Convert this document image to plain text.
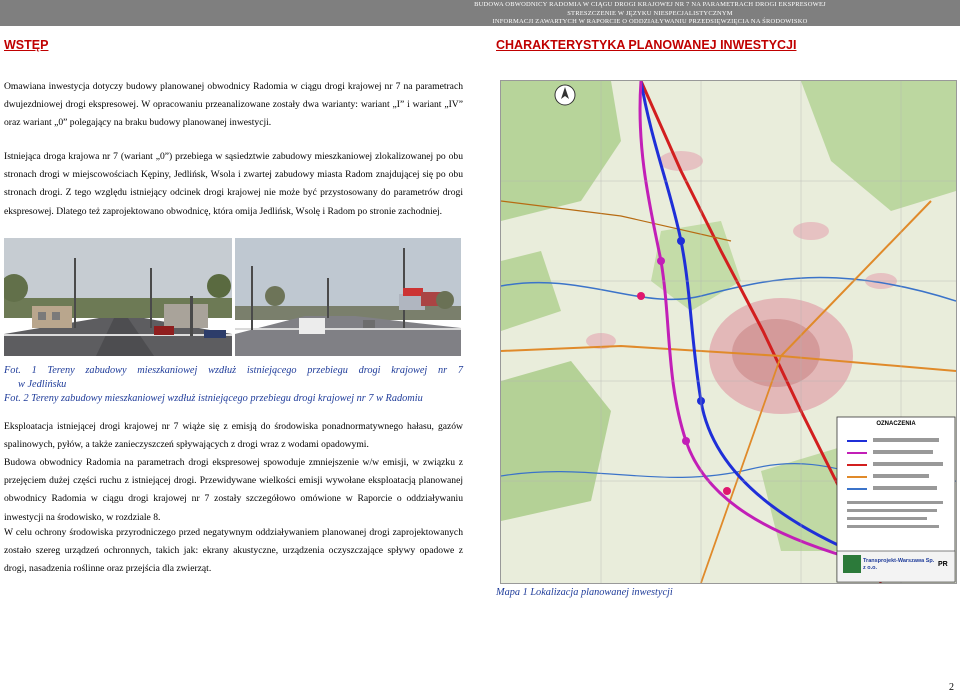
BUDOWA OBWODNICY RADOMIA W CIĄGU DROGI KRAJOWEJ NR 7 NA PARAMETRACH DROGI EKSPRESOWEJ
STRESZCZENIE W JĘZYKU NIESPECJALISTYCZNYM
INFORMACJI ZAWARTYCH W RAPORCIE O ODDZIAŁYWANIU PRZEDSIĘWZIĘCIA NA ŚRODOWISKO
WSTĘP	CHARAKTERYSTYKA PLANOWANEJ INWESTYCJI
Omawiana inwestycja dotyczy budowy planowanej obwodnicy Radomia w ciągu drogi krajowej nr 7 na parametrach dwujezdniowej drogi ekspresowej. W opracowaniu przeanalizowane zostały dwa warianty: wariant „I” i wariant „IV” oraz wariant „0” polegający na braku budowy planowanej inwestycji.
Istniejąca droga krajowa nr 7 (wariant „0”) przebiega w sąsiedztwie zabudowy mieszkaniowej zlokalizowanej po obu stronach drogi w miejscowościach Kępiny, Jedlińsk, Wsola i zwartej zabudowy miasta Radom znajdującej się po obu stronach drogi. Z tego względu istniejący odcinek drogi krajowej nie może być przystosowany do parametrów drogi ekspresowej. Dlatego też zaprojektowano obwodnicę, która omija Jedlińsk, Wsolę i Radom po stronie zachodniej.
Fot. 1 Tereny zabudowy mieszkaniowej wzdłuż istniejącego przebiegu drogi krajowej nr 7
w Jedlińsku
Fot. 2 Tereny zabudowy mieszkaniowej wzdłuż istniejącego przebiegu drogi krajowej nr 7 w Radomiu
Eksploatacja istniejącej drogi krajowej nr 7 wiąże się z emisją do środowiska ponadnormatywnego hałasu, gazów spalinowych, pyłów, a także zanieczyszczeń spływających z drogi wraz z wodami opadowymi.
Budowa obwodnicy Radomia na parametrach drogi ekspresowej spowoduje zmniejszenie w/w emisji, w związku z przejęciem dużej części ruchu z istniejącej drogi. Przewidywane wielkości emisji wywołane eksploatacją planowanej obwodnicy Radomia w ciągu drogi krajowej nr 7 zostały szczegółowo omówione w Raporcie o oddziaływaniu inwestycji na środowisko, w rozdziale 8.
W celu ochrony środowiska przyrodniczego przed negatywnym oddziaływaniem planowanej drogi zaprojektowanych zostało szereg urządzeń ochronnych, takich jak: ekrany akustyczne, urządzenia oczyszczające spływy opadowe z drogi, nasadzenia roślinne oraz przejścia dla zwierząt.
OZNACZENIA
Transprojekt-Warszawa Sp. z o.o.	PR
Mapa 1 Lokalizacja planowanej inwestycji
2
